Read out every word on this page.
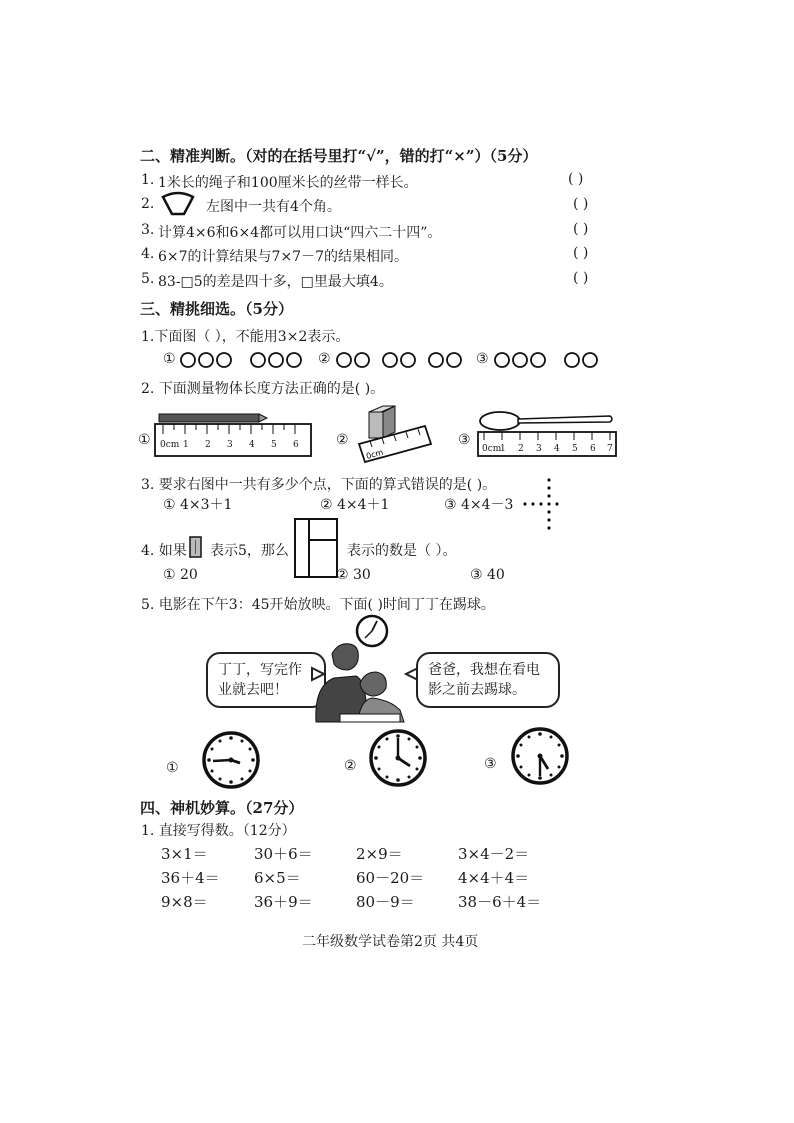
二、精准判断。（对的在括号里打“√”，错的打“×”）（5分）
1. 1米长的绳子和100厘米长的丝带一样长。	( )
2.	左图中一共有4个角。	( )
3. 计算4×6和6×4都可以用口诀“四六二十四”。	( )
4. 6×7的计算结果与7×7－7的结果相同。	( )
5. 83-□5的差是四十多，□里最大填4。	( )
三、精挑细选。（5分）
1.下面图（ ），不能用3×2表示。
①	②	③
2. 下面测量物体长度方法正确的是( )。
① 0cm 1 2 3 4 5 6	②
0cm
③
0cm
1 2 3 4 5 6 7
3. 要求右图中一共有多少个点，下面的算式错误的是( )。
① 4×3＋1	② 4×4＋1	③ 4×4－3
4. 如果 表示5，那么	表示的数是（ ）。
① 20	② 30	③ 40
5. 电影在下午3：45开始放映。下面( )时间丁丁在踢球。
丁丁，写完作
业就去吧！
爸爸，我想在看电
影之前去踢球。
①	②	③
四、神机妙算。（27分）
1. 直接写得数。（12分）
3×1＝	30＋6＝	2×9＝	3×4－2＝
36＋4＝ 6×5＝	60－20＝ 4×4＋4＝
9×8＝	36＋9＝	80－9＝	38－6＋4＝
二年级数学试卷第2页 共4页
